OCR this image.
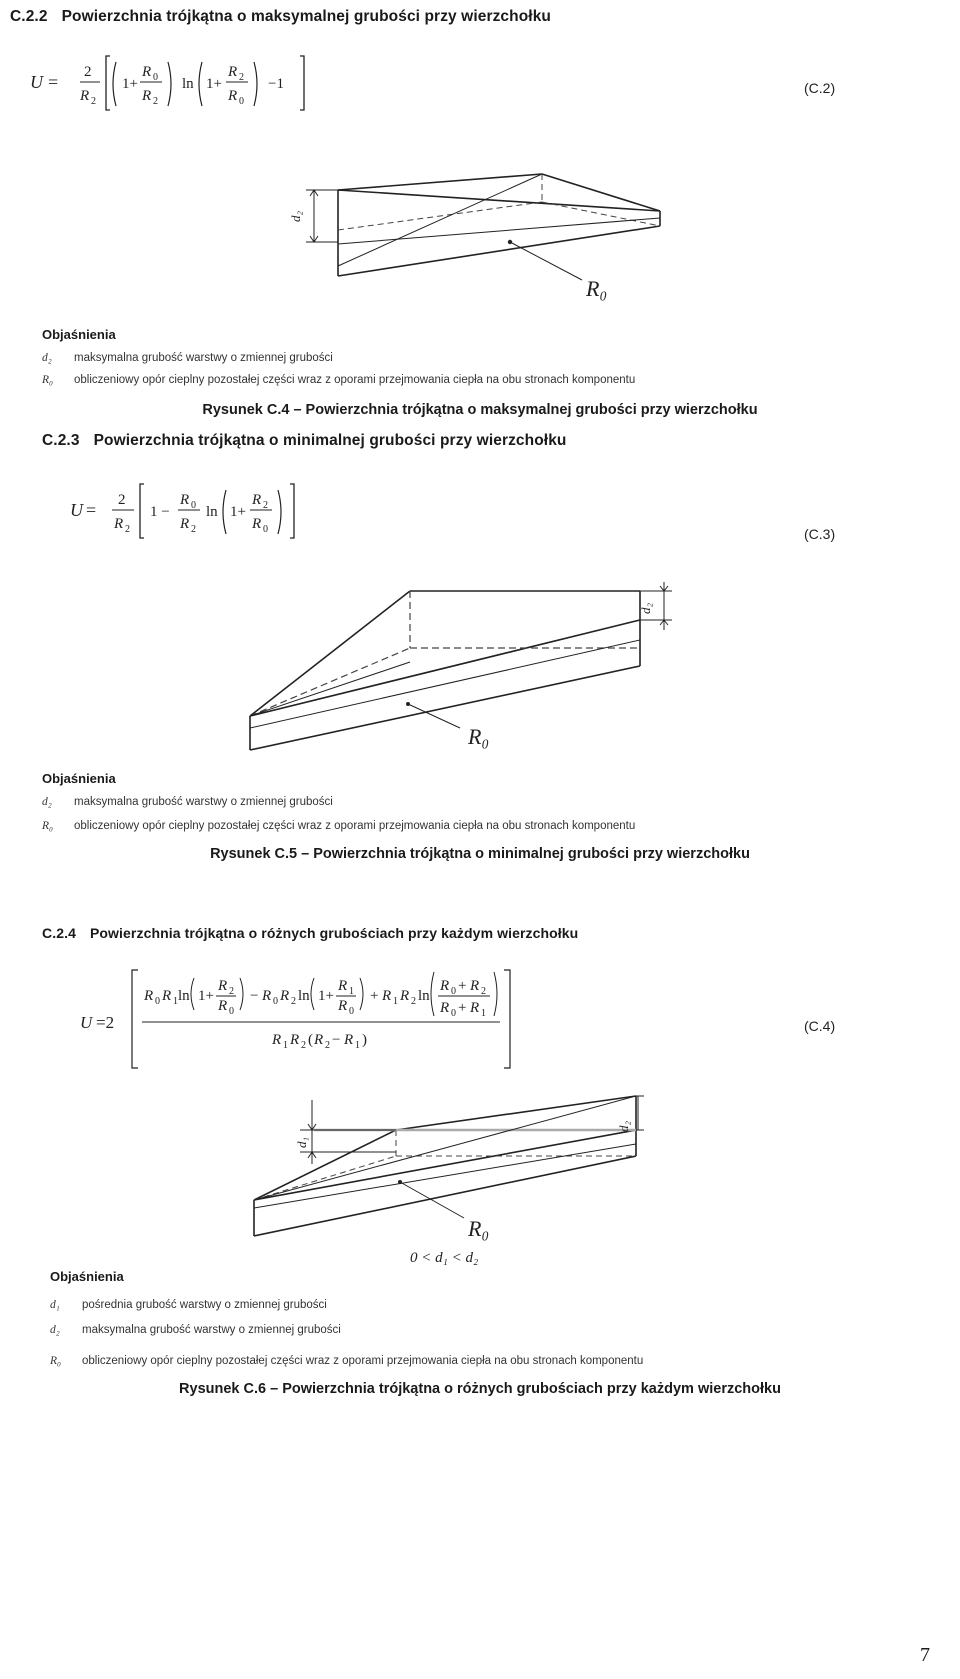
C.2.2 Powierzchnia trójkątna o maksymalnej grubości przy wierzchołku
U = 2
R 2
1+
R 0
R 2
ln 1+
R 2
R 0
−1	(C.2)
d₂
R₀
Objaśnienia
d₂	maksymalna grubość warstwy o zmiennej grubości
R₀	obliczeniowy opór cieplny pozostałej części wraz z oporami przejmowania ciepła na obu stronach komponentu
Rysunek C.4 – Powierzchnia trójkątna o maksymalnej grubości przy wierzchołku
C.2.3 Powierzchnia trójkątna o minimalnej grubości przy wierzchołku
U = 2
R 2
1 −
R 0
R 2
ln 1+
R 2
R 0	(C.3)
d₂
R₀
Objaśnienia
d₂	maksymalna grubość warstwy o zmiennej grubości
R₀	obliczeniowy opór cieplny pozostałej części wraz z oporami przejmowania ciepła na obu stronach komponentu
Rysunek C.5 – Powierzchnia trójkątna o minimalnej grubości przy wierzchołku
C.2.4 Powierzchnia trójkątna o różnych grubościach przy każdym wierzchołku
U =2
R 0 R 1 ln 1+
R 2
R 0
− R 0 R 2 ln 1+
R 1
R 0
+ R 1 R 2 ln
R 0 + R 2
R 0 + R 1
R 1 R 2 ( R 2 − R 1 )
(C.4)
d₁
d₂
R₀
0 < d₁ < d₂
Objaśnienia
d₁	pośrednia grubość warstwy o zmiennej grubości
d₂	maksymalna grubość warstwy o zmiennej grubości
R₀	obliczeniowy opór cieplny pozostałej części wraz z oporami przejmowania ciepła na obu stronach komponentu
Rysunek C.6 – Powierzchnia trójkątna o różnych grubościach przy każdym wierzchołku
7
